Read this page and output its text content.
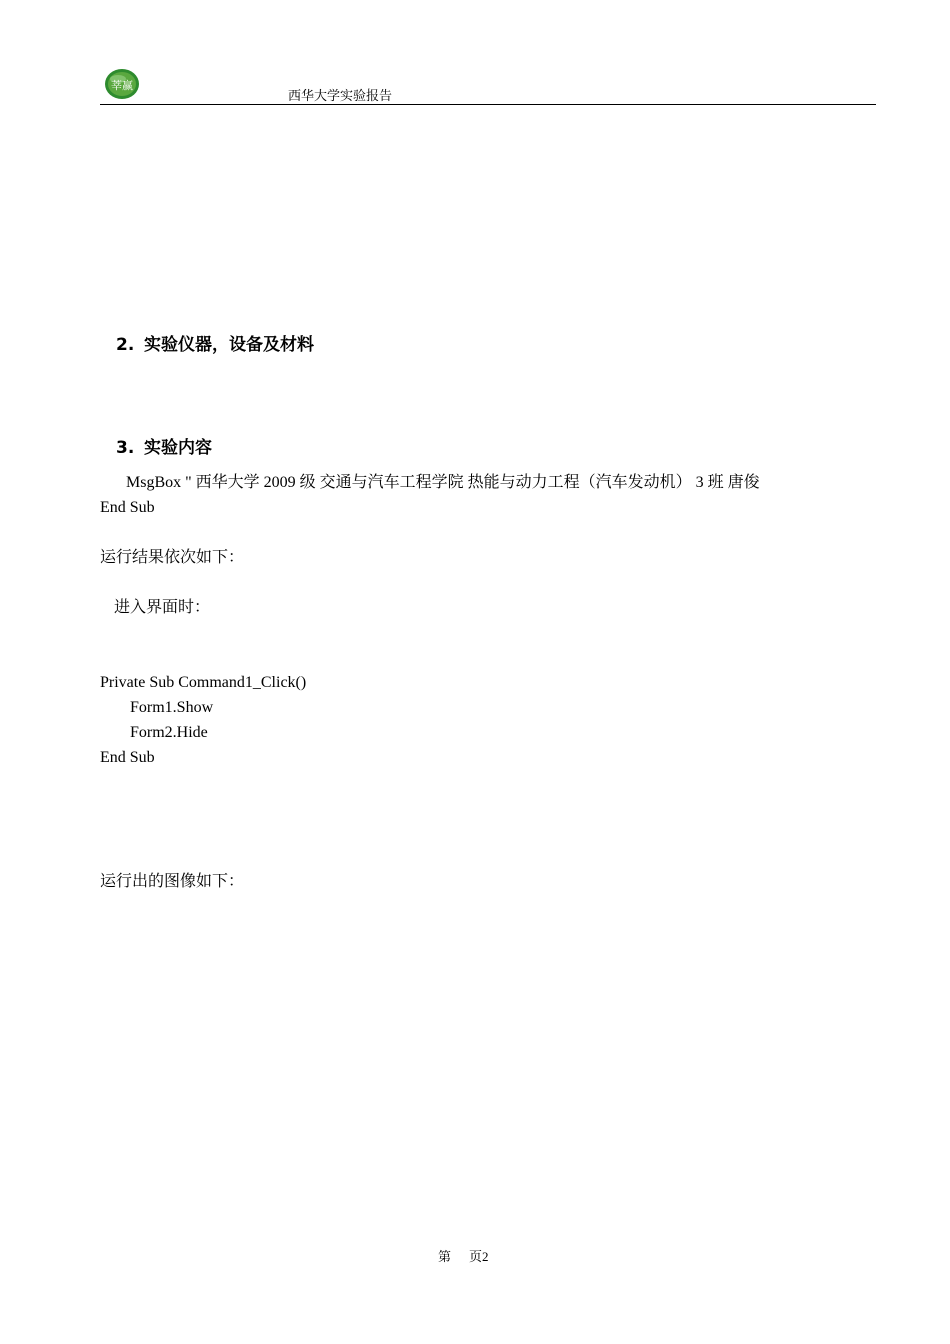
莘赢
西华大学实验报告
2. 实验仪器，设备及材料
3. 实验内容
MsgBox " 西华大学 2009 级 交通与汽车工程学院 热能与动力工程（汽车发动机） 3 班 唐俊
End Sub
运行结果依次如下：
进入界面时：
Private Sub Command1_Click()
Form1.Show
Form2.Hide
End Sub
运行出的图像如下：
第 页2
